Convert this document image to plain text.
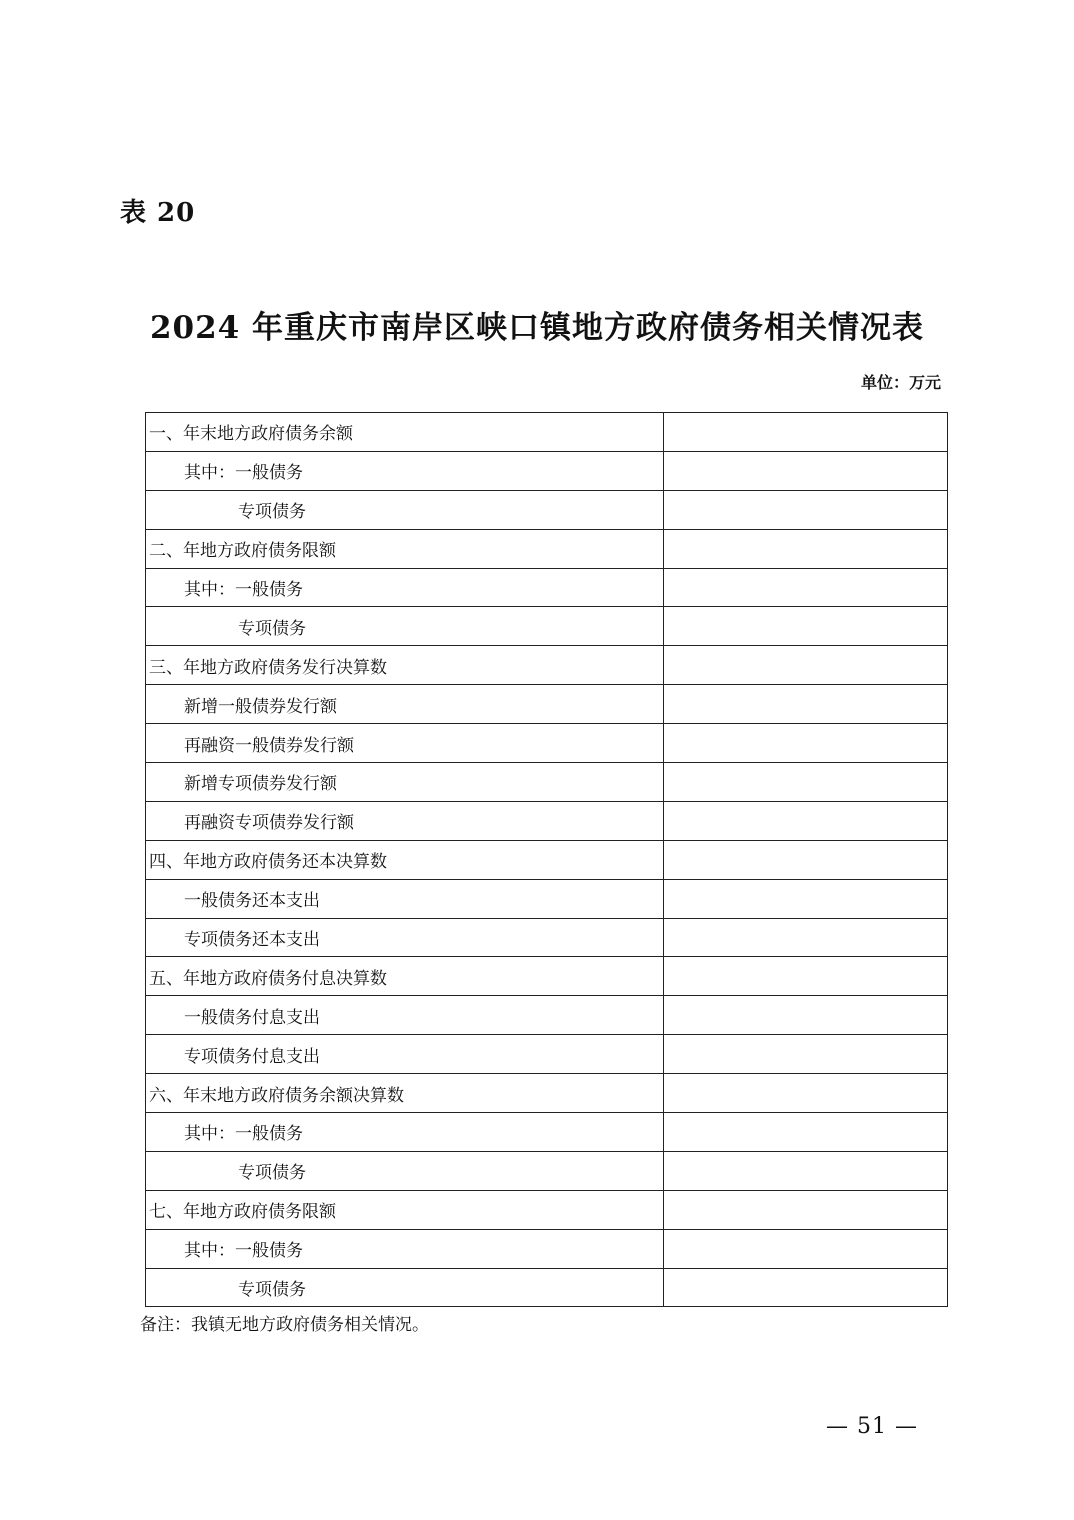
表 20
2024 年重庆市南岸区峡口镇地方政府债务相关情况表
单位：万元
一、年末地方政府债务余额	
其中：一般债务	
专项债务	
二、年地方政府债务限额	
其中：一般债务	
专项债务	
三、年地方政府债务发行决算数	
新增一般债券发行额	
再融资一般债券发行额	
新增专项债券发行额	
再融资专项债券发行额	
四、年地方政府债务还本决算数	
一般债务还本支出	
专项债务还本支出	
五、年地方政府债务付息决算数	
一般债务付息支出	
专项债务付息支出	
六、年末地方政府债务余额决算数	
其中：一般债务	
专项债务	
七、年地方政府债务限额	
其中：一般债务	
专项债务	
备注：我镇无地方政府债务相关情况。
— 51 —
